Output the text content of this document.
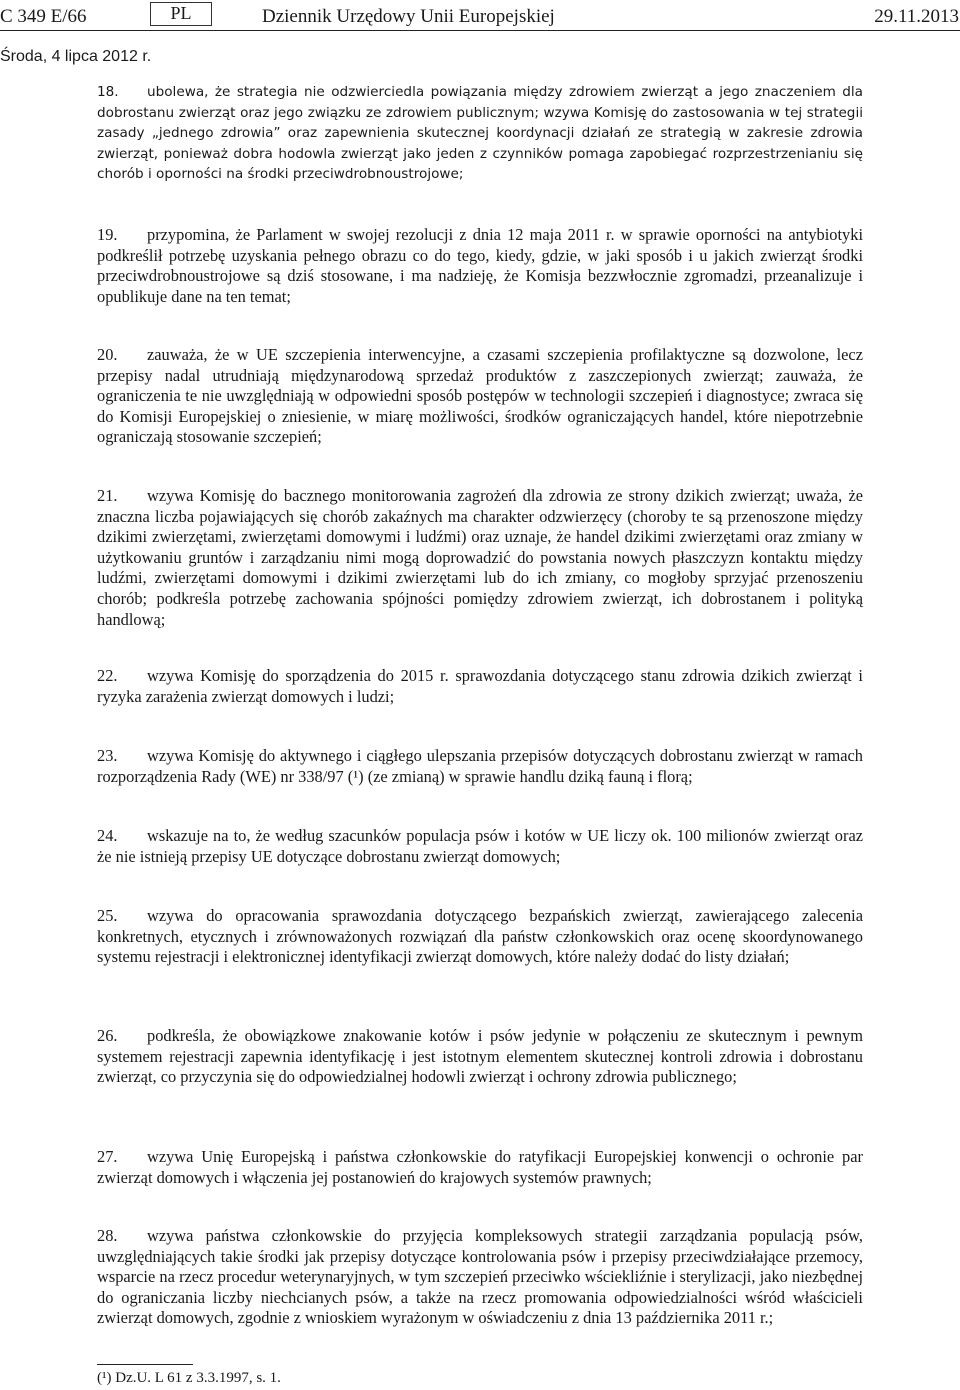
C 349 E/66	PL	Dziennik Urzędowy Unii Europejskiej	29.11.2013
Środa, 4 lipca 2012 r.
18. ubolewa, że strategia nie odzwierciedla powiązania między zdrowiem zwierząt a jego znaczeniem dla dobrostanu zwierząt oraz jego związku ze zdrowiem publicznym; wzywa Komisję do zastosowania w tej strategii zasady „jednego zdrowia” oraz zapewnienia skutecznej koordynacji działań ze strategią w zakresie zdrowia zwierząt, ponieważ dobra hodowla zwierząt jako jeden z czynników pomaga zapobiegać rozprzestrzenianiu się chorób i oporności na środki przeciwdrobnoustrojowe;
19. przypomina, że Parlament w swojej rezolucji z dnia 12 maja 2011 r. w sprawie oporności na antybiotyki podkreślił potrzebę uzyskania pełnego obrazu co do tego, kiedy, gdzie, w jaki sposób i u jakich zwierząt środki przeciwdrobnoustrojowe są dziś stosowane, i ma nadzieję, że Komisja bezzwłocznie zgromadzi, przeanalizuje i opublikuje dane na ten temat;
20. zauważa, że w UE szczepienia interwencyjne, a czasami szczepienia profilaktyczne są dozwolone, lecz przepisy nadal utrudniają międzynarodową sprzedaż produktów z zaszczepionych zwierząt; zauważa, że ograniczenia te nie uwzględniają w odpowiedni sposób postępów w technologii szczepień i diagnostyce; zwraca się do Komisji Europejskiej o zniesienie, w miarę możliwości, środków ograniczających handel, które niepotrzebnie ograniczają stosowanie szczepień;
21. wzywa Komisję do bacznego monitorowania zagrożeń dla zdrowia ze strony dzikich zwierząt; uważa, że znaczna liczba pojawiających się chorób zakaźnych ma charakter odzwierzęcy (choroby te są przenoszone między dzikimi zwierzętami, zwierzętami domowymi i ludźmi) oraz uznaje, że handel dzikimi zwierzętami oraz zmiany w użytkowaniu gruntów i zarządzaniu nimi mogą doprowadzić do powstania nowych płaszczyzn kontaktu między ludźmi, zwierzętami domowymi i dzikimi zwierzętami lub do ich zmiany, co mogłoby sprzyjać przenoszeniu chorób; podkreśla potrzebę zachowania spójności pomiędzy zdrowiem zwierząt, ich dobrostanem i polityką handlową;
22. wzywa Komisję do sporządzenia do 2015 r. sprawozdania dotyczącego stanu zdrowia dzikich zwierząt i ryzyka zarażenia zwierząt domowych i ludzi;
23. wzywa Komisję do aktywnego i ciągłego ulepszania przepisów dotyczących dobrostanu zwierząt w ramach rozporządzenia Rady (WE) nr 338/97 (¹) (ze zmianą) w sprawie handlu dziką fauną i florą;
24. wskazuje na to, że według szacunków populacja psów i kotów w UE liczy ok. 100 milionów zwierząt oraz że nie istnieją przepisy UE dotyczące dobrostanu zwierząt domowych;
25. wzywa do opracowania sprawozdania dotyczącego bezpańskich zwierząt, zawierającego zalecenia konkretnych, etycznych i zrównoważonych rozwiązań dla państw członkowskich oraz ocenę skoordynowanego systemu rejestracji i elektronicznej identyfikacji zwierząt domowych, które należy dodać do listy działań;
26. podkreśla, że obowiązkowe znakowanie kotów i psów jedynie w połączeniu ze skutecznym i pewnym systemem rejestracji zapewnia identyfikację i jest istotnym elementem skutecznej kontroli zdrowia i dobrostanu zwierząt, co przyczynia się do odpowiedzialnej hodowli zwierząt i ochrony zdrowia publicznego;
27. wzywa Unię Europejską i państwa członkowskie do ratyfikacji Europejskiej konwencji o ochronie par zwierząt domowych i włączenia jej postanowień do krajowych systemów prawnych;
28. wzywa państwa członkowskie do przyjęcia kompleksowych strategii zarządzania populacją psów, uwzględniających takie środki jak przepisy dotyczące kontrolowania psów i przepisy przeciwdziałające przemocy, wsparcie na rzecz procedur weterynaryjnych, w tym szczepień przeciwko wściekliźnie i sterylizacji, jako niezbędnej do ograniczania liczby niechcianych psów, a także na rzecz promowania odpowiedzialności wśród właścicieli zwierząt domowych, zgodnie z wnioskiem wyrażonym w oświadczeniu z dnia 13 października 2011 r.;
(¹) Dz.U. L 61 z 3.3.1997, s. 1.
